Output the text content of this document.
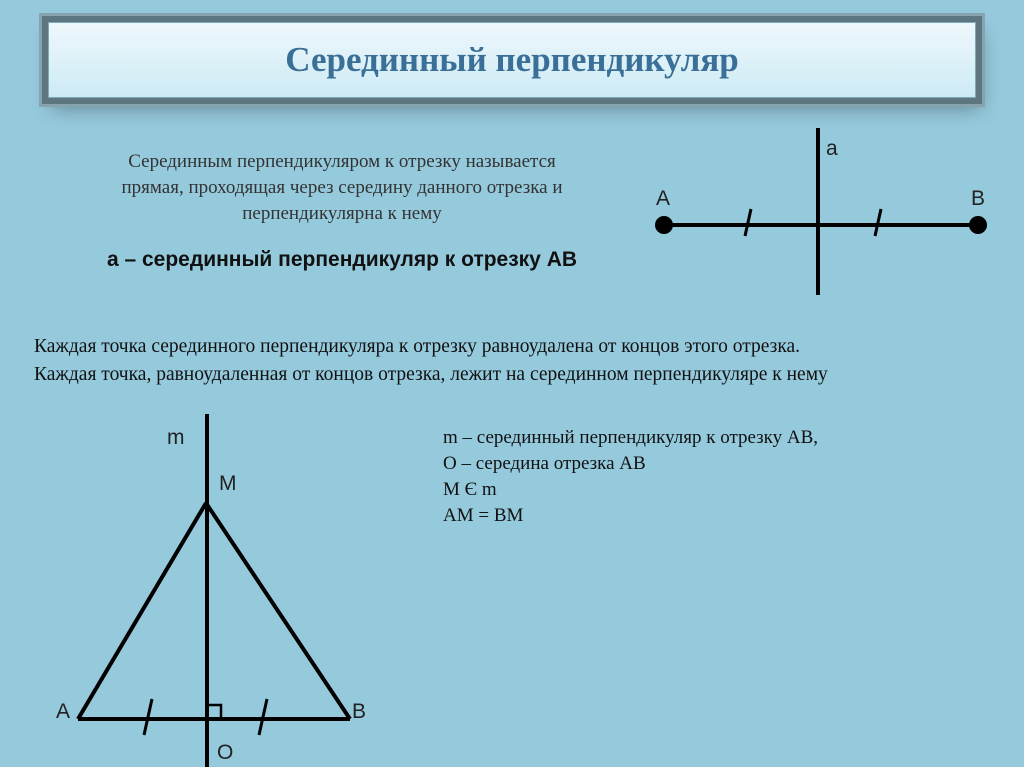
Серединный перпендикуляр
Серединным перпендикуляром к отрезку называется
прямая, проходящая через середину данного отрезка и
перпендикулярна к нему
а – серединный перпендикуляр к отрезку АВ
Каждая точка серединного перпендикуляра к отрезку равноудалена от концов этого отрезка.
Каждая точка, равноудаленная от концов отрезка, лежит на серединном перпендикуляре к нему
m – серединный перпендикуляр к отрезку АВ,
О – середина отрезка АВ
М Є m
АМ = ВМ
а
А	В
m
М
А	В
О
